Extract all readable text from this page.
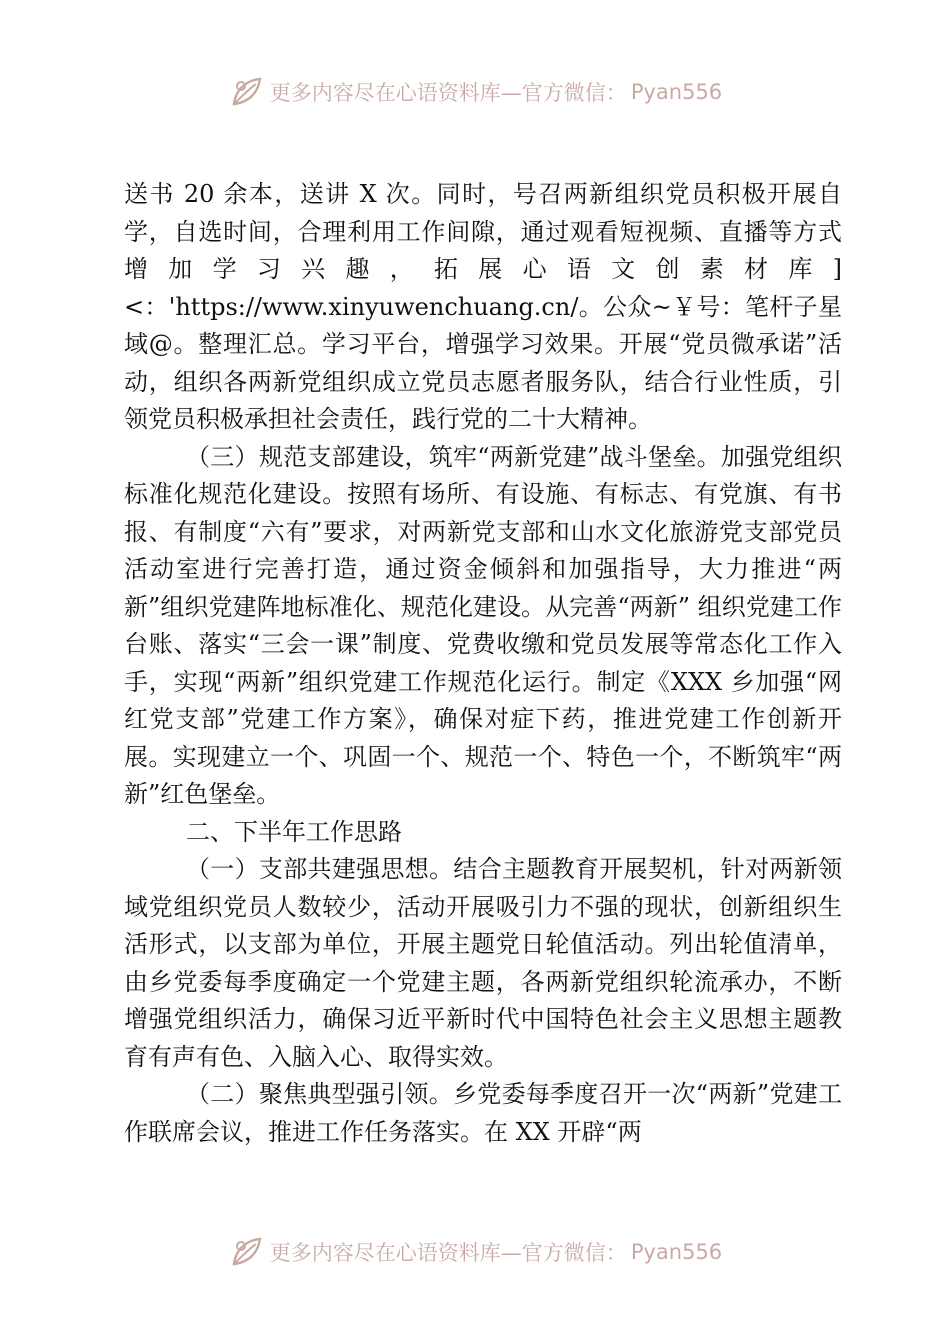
更多内容尽在心语资料库—官方微信： Pyan556

送书 20 余本，送讲 X 次。同时，号召两新组织党员积极开展自学，自选时间，合理利用工作间隙，通过观看短视频、直播等方式增加学习兴趣，拓展心语文创素材库]<：'https://www.xinyuwenchuang.cn/。公众~￥号：笔杆子星域@。整理汇总。学习平台，增强学习效果。开展“党员微承诺”活动，组织各两新党组织成立党员志愿者服务队，结合行业性质，引领党员积极承担社会责任，践行党的二十大精神。

（三）规范支部建设，筑牢“两新党建”战斗堡垒。加强党组织标准化规范化建设。按照有场所、有设施、有标志、有党旗、有书报、有制度“六有”要求，对两新党支部和山水文化旅游党支部党员活动室进行完善打造，通过资金倾斜和加强指导，大力推进“两新”组织党建阵地标准化、规范化建设。从完善“两新” 组织党建工作台账、落实“三会一课”制度、党费收缴和党员发展等常态化工作入手，实现“两新”组织党建工作规范化运行。制定《XXX 乡加强“网红党支部”党建工作方案》，确保对症下药，推进党建工作创新开展。实现建立一个、巩固一个、规范一个、特色一个，不断筑牢“两新”红色堡垒。

二、下半年工作思路

（一）支部共建强思想。结合主题教育开展契机，针对两新领域党组织党员人数较少，活动开展吸引力不强的现状，创新组织生活形式，以支部为单位，开展主题党日轮值活动。列出轮值清单，由乡党委每季度确定一个党建主题，各两新党组织轮流承办，不断增强党组织活力，确保习近平新时代中国特色社会主义思想主题教育有声有色、入脑入心、取得实效。

（二）聚焦典型强引领。乡党委每季度召开一次“两新”党建工作联席会议，推进工作任务落实。在 XX 开辟“两

更多内容尽在心语资料库—官方微信： Pyan556
